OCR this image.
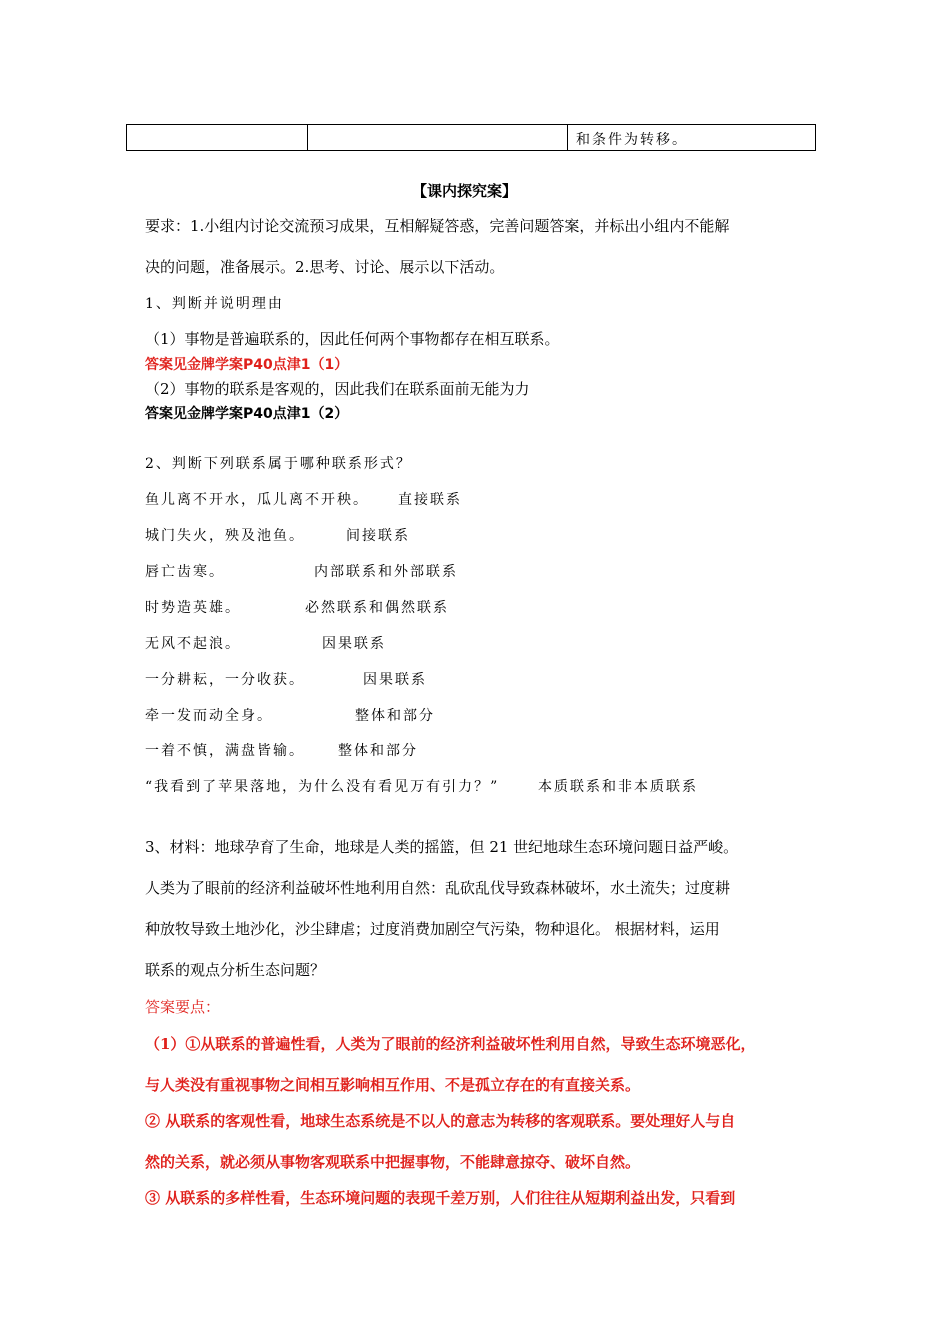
和条件为转移。
【课内探究案】
要求：1.小组内讨论交流预习成果，互相解疑答惑，完善问题答案，并标出小组内不能解
决的问题，准备展示。2.思考、讨论、展示以下活动。
1、判断并说明理由
（1）事物是普遍联系的，因此任何两个事物都存在相互联系。
答案见金牌学案P40点津1（1）
（2）事物的联系是客观的，因此我们在联系面前无能为力
答案见金牌学案P40点津1（2）
2、判断下列联系属于哪种联系形式？
鱼儿离不开水，瓜儿离不开秧。 直接联系
城门失火，殃及池鱼。	间接联系
唇亡齿寒。	内部联系和外部联系
时势造英雄。	必然联系和偶然联系
无风不起浪。	因果联系
一分耕耘，一分收获。	因果联系
牵一发而动全身。	整体和部分
一着不慎，满盘皆输。 整体和部分
“我看到了苹果落地，为什么没有看见万有引力？”	本质联系和非本质联系
3、材料：地球孕育了生命，地球是人类的摇篮，但 21 世纪地球生态环境问题日益严峻。
人类为了眼前的经济利益破坏性地利用自然：乱砍乱伐导致森林破坏，水土流失；过度耕
种放牧导致土地沙化，沙尘肆虐；过度消费加剧空气污染，物种退化。 根据材料，运用
联系的观点分析生态问题？
答案要点：
（1）①从联系的普遍性看，人类为了眼前的经济利益破坏性利用自然，导致生态环境恶化，
与人类没有重视事物之间相互影响相互作用、不是孤立存在的有直接关系。
② 从联系的客观性看，地球生态系统是不以人的意志为转移的客观联系。要处理好人与自
然的关系，就必须从事物客观联系中把握事物，不能肆意掠夺、破坏自然。
③ 从联系的多样性看，生态环境问题的表现千差万别，人们往往从短期利益出发，只看到
